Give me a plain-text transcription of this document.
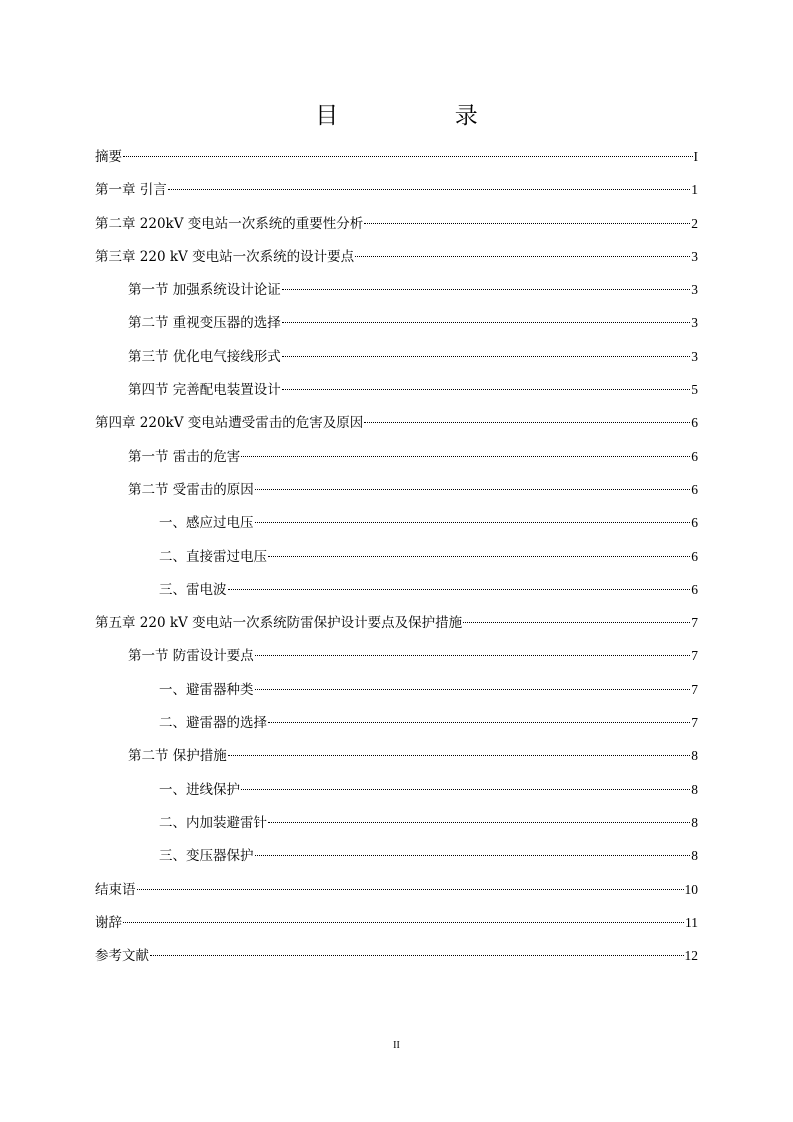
目  录
摘要	I
第一章 引言	1
第二章 220kV 变电站一次系统的重要性分析	2
第三章 220 kV 变电站一次系统的设计要点	3
第一节 加强系统设计论证	3
第二节 重视变压器的选择	3
第三节 优化电气接线形式	3
第四节 完善配电装置设计	5
第四章 220kV 变电站遭受雷击的危害及原因	6
第一节 雷击的危害	6
第二节 受雷击的原因	6
一、感应过电压	6
二、直接雷过电压	6
三、雷电波	6
第五章 220 kV 变电站一次系统防雷保护设计要点及保护措施	7
第一节 防雷设计要点	7
一、避雷器种类	7
二、避雷器的选择	7
第二节 保护措施	8
一、进线保护	8
二、内加装避雷针	8
三、变压器保护	8
结束语	10
谢辞	11
参考文献	12
II
